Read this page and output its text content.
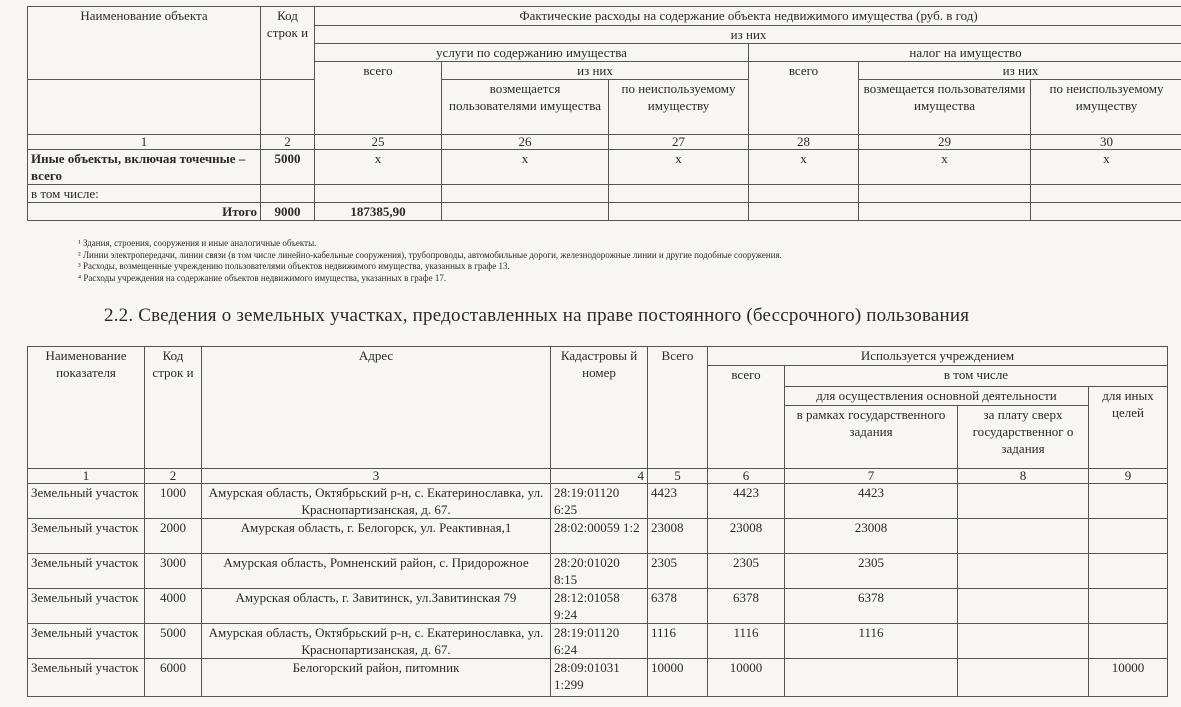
Наименование объекта	Код строк и	Фактические расходы на содержание объекта недвижимого имущества (руб. в год)					
		из них					
		услуги по содержанию имущества			налог на имущество		
		всего	из них		всего	из них	
			возмещается пользователями имущества	по неиспользуемому имуществу		возмещается пользователями имущества	по неиспользуемому имуществу
1	2	25	26	27	28	29	30
Иные объекты, включая точечные – всего	5000	x	x	x	x	x	x
в том числе:							
Итого	9000	187385,90					
¹ Здания, строения, сооружения и иные аналогичные объекты.
² Линии электропередачи, линии связи (в том числе линейно-кабельные сооружения), трубопроводы, автомобильные дороги, железнодорожные линии и другие подобные сооружения.
³ Расходы, возмещенные учреждению пользователями объектов недвижимого имущества, указанных в графе 13.
⁴ Расходы учреждения на содержание объектов недвижимого имущества, указанных в графе 17.
2.2. Сведения о земельных участках, предоставленных на праве постоянного (бессрочного) пользования
Наименование показателя	Код строк и	Адрес	Кадастровы й номер	Всего	Используется учреждением			
					всего	в том числе		
						для осуществления основной деятельности		для иных целей
						в рамках государственного задания	за плату сверх государственног о задания	
1	2	3	4	5	6	7	8	9
Земельный участок	1000	Амурская область, Октябрьский р-н, с. Екатеринославка, ул. Краснопартизанская, д. 67.	28:19:01120 6:25	4423	4423	4423		
Земельный участок	2000	Амурская область, г. Белогорск, ул. Реактивная,1	28:02:00059 1:2	23008	23008	23008		
Земельный участок	3000	Амурская область, Ромненский район, с. Придорожное	28:20:01020 8:15	2305	2305	2305		
Земельный участок	4000	Амурская область, г. Завитинск, ул.Завитинская 79	28:12:01058 9:24	6378	6378	6378		
Земельный участок	5000	Амурская область, Октябрьский р-н, с. Екатеринославка, ул. Краснопартизанская, д. 67.	28:19:01120 6:24	1116	1116	1116		
Земельный участок	6000	Белогорский район, питомник	28:09:01031 1:299	10000	10000			10000
